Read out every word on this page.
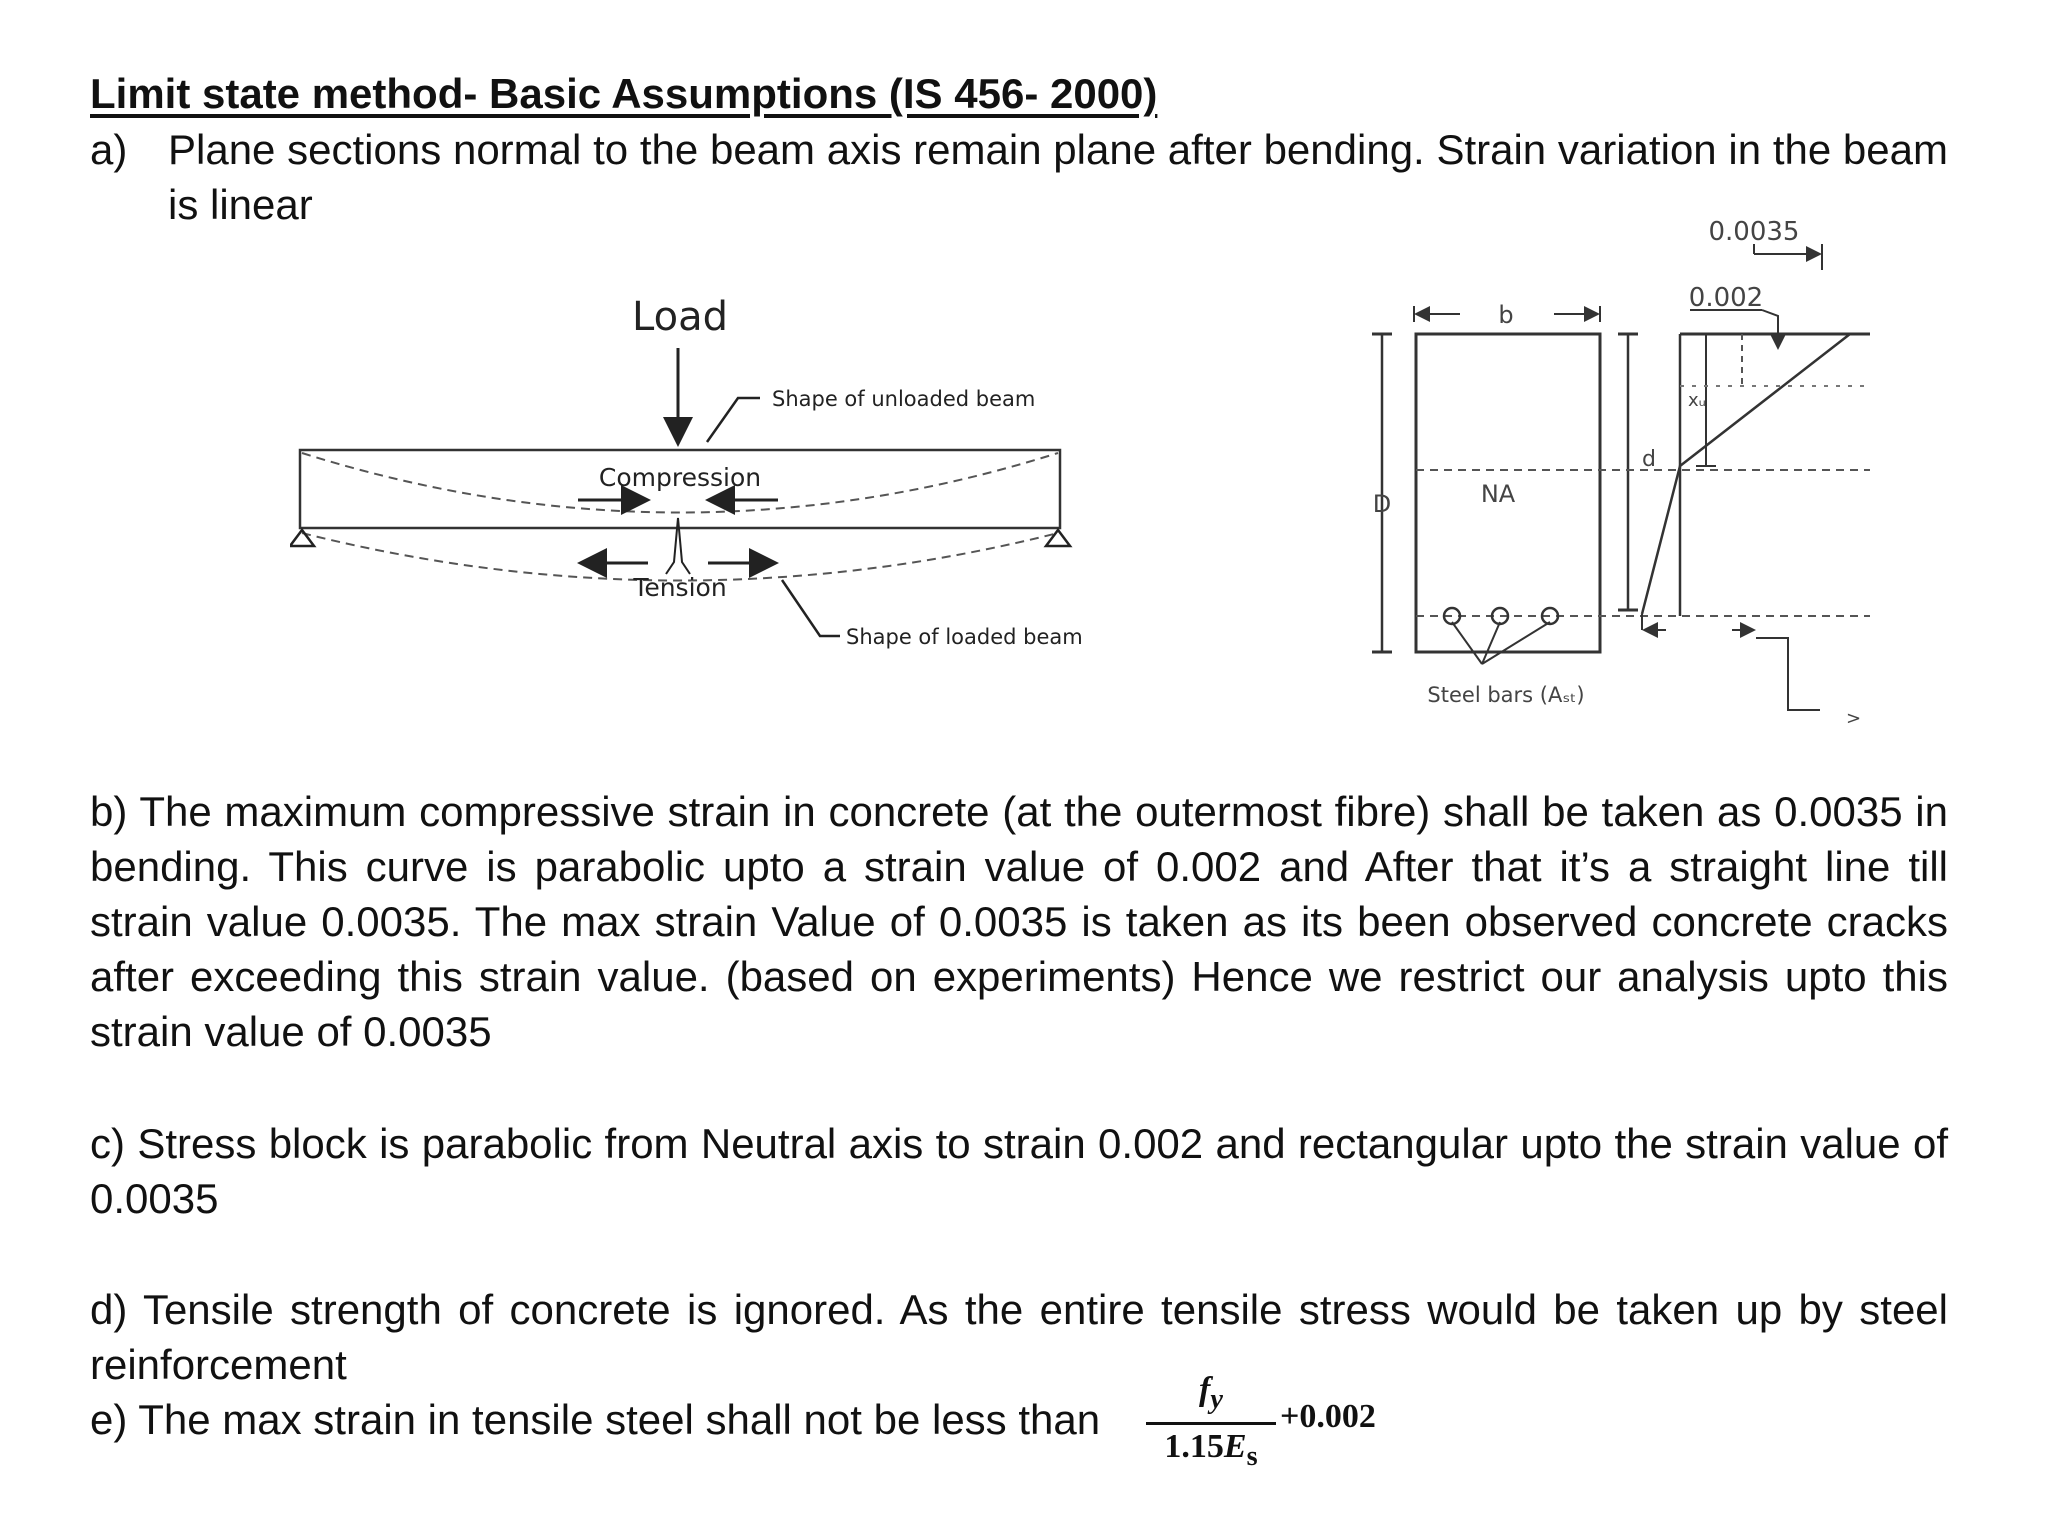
Limit state method- Basic Assumptions (IS 456- 2000)
a) Plane sections normal to the beam axis remain plane after bending. Strain variation in the beam is linear
Load
Shape of unloaded beam
Compression
Tension
Shape of loaded beam
0.0035
0.002
b
D
d
xᵤ
NA
Steel bars (Aₛₜ)
>
b) The maximum compressive strain in concrete (at the outermost fibre) shall be taken as 0.0035 in bending. This curve is parabolic upto a strain value of 0.002 and After that it’s a straight line till strain value 0.0035. The max strain Value of 0.0035 is taken as its been observed concrete cracks after exceeding this strain value. (based on experiments) Hence we restrict our analysis upto this strain value of 0.0035
c) Stress block is parabolic from Neutral axis to strain 0.002 and rectangular upto the strain value of 0.0035
d) Tensile strength of concrete is ignored. As the entire tensile stress would be taken up by steel reinforcement
e) The max strain in tensile steel shall not be less than
$f_y$
$1.15E_s$
+0.002
